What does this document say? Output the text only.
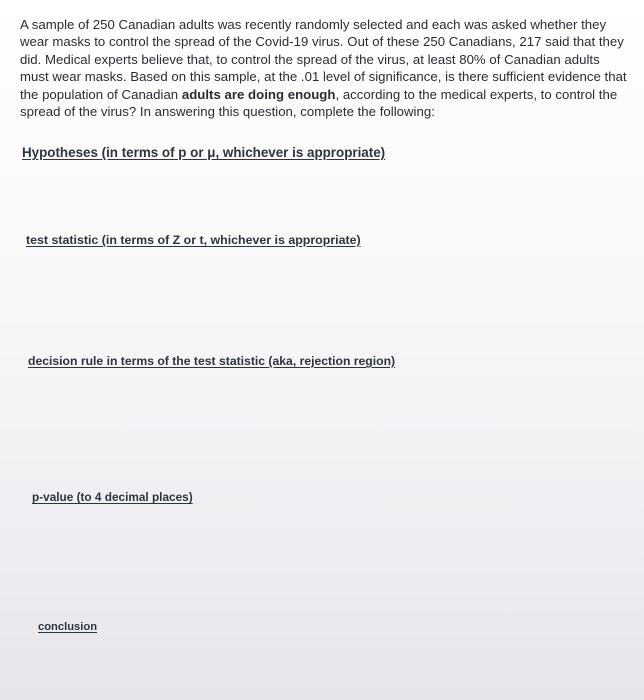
A sample of 250 Canadian adults was recently randomly selected and each was asked whether they wear masks to control the spread of the Covid-19 virus. Out of these 250 Canadians, 217 said that they did. Medical experts believe that, to control the spread of the virus, at least 80% of Canadian adults must wear masks. Based on this sample, at the .01 level of significance, is there sufficient evidence that the population of Canadian adults are doing enough, according to the medical experts, to control the spread of the virus? In answering this question, complete the following:

Hypotheses (in terms of p or μ, whichever is appropriate)
test statistic (in terms of Z or t, whichever is appropriate)
decision rule in terms of the test statistic (aka, rejection region)
p-value (to 4 decimal places)
conclusion
